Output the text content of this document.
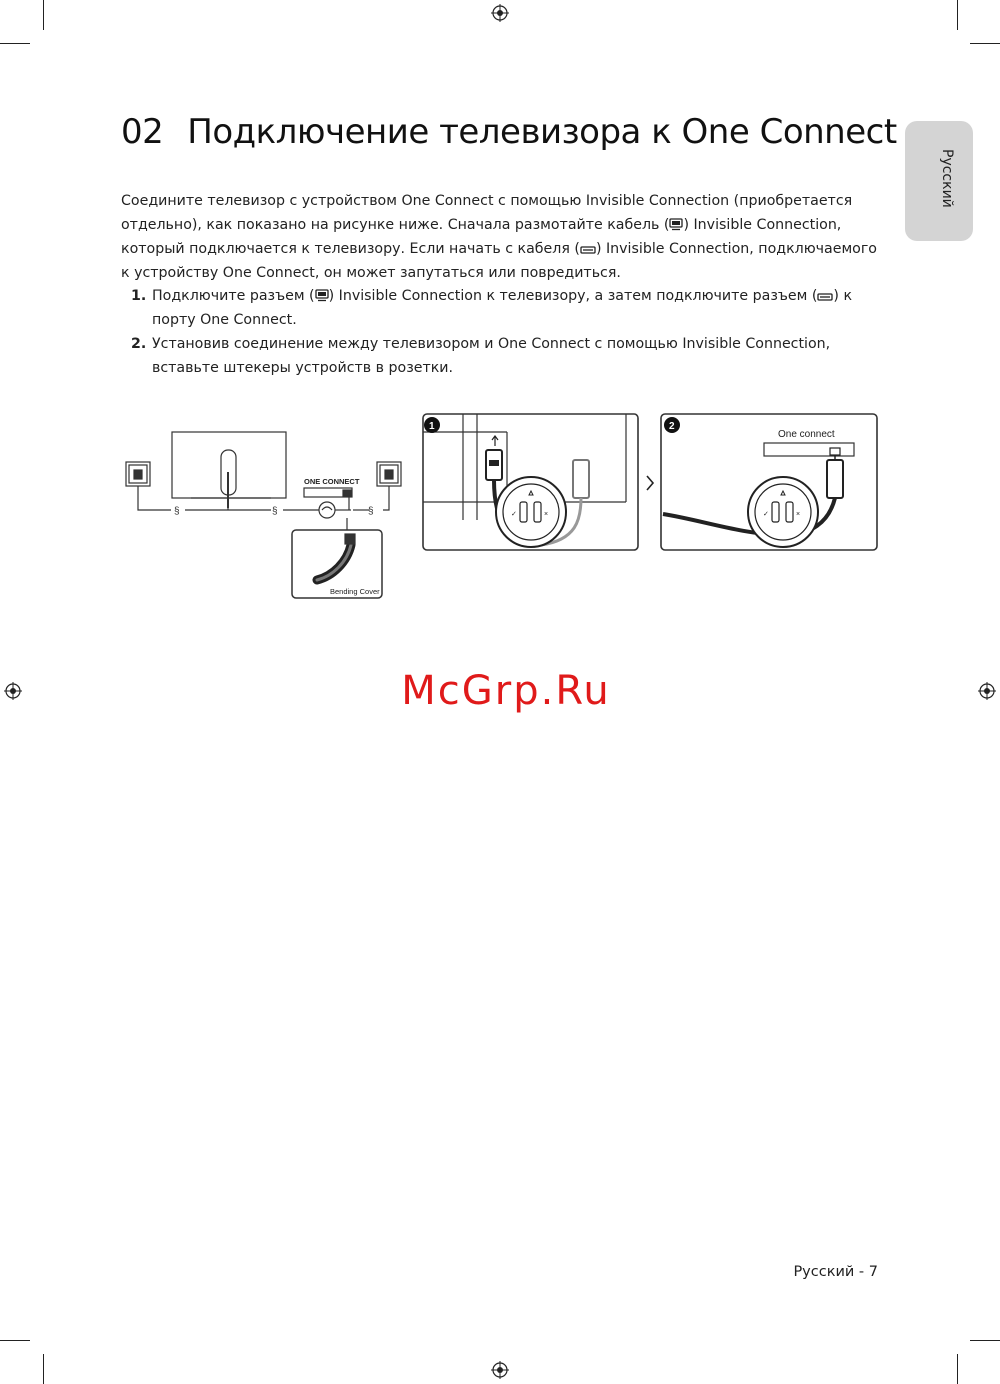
Русский
02 Подключение телевизора к One Connect

Соедините телевизор с устройством One Connect с помощью Invisible Connection (приобретается отдельно), как показано на рисунке ниже. Сначала размотайте кабель ( ) Invisible Connection, который подключается к телевизору. Если начать с кабеля ( ) Invisible Connection, подключаемого к устройству One Connect, он может запутаться или повредиться.

1. Подключите разъем ( ) Invisible Connection к телевизору, а затем подключите разъем ( ) к порту One Connect.
2. Установив соединение между телевизором и One Connect с помощью Invisible Connection, вставьте штекеры устройств в розетки.
§	§	§
ONE CONNECT
Bending Cover
✓	×
1
✓	×
2
One connect
McGrp.Ru
Русский - 7
